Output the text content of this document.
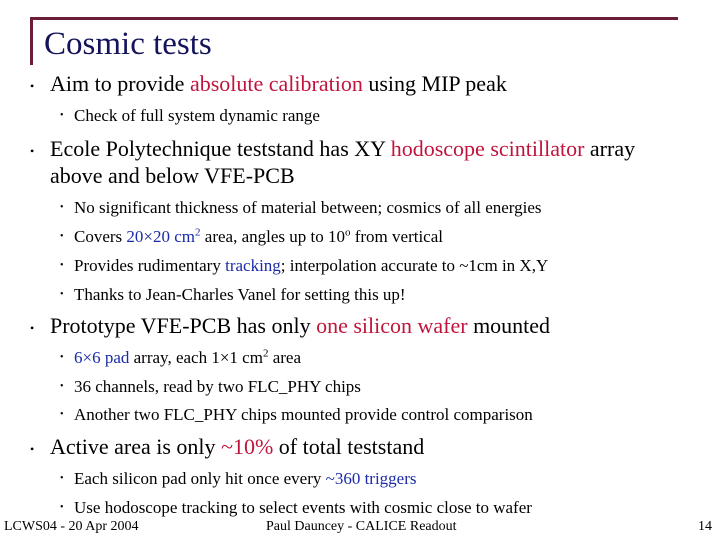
Cosmic tests
• Aim to provide absolute calibration using MIP peak
• Check of full system dynamic range
• Ecole Polytechnique teststand has XY hodoscope scintillator array
above and below VFE-PCB
• No significant thickness of material between; cosmics of all energies
• Covers 20×20 $cm^2$ area, angles up to 10$^o$ from vertical
• Provides rudimentary tracking; interpolation accurate to ~1cm in X,Y
• Thanks to Jean-Charles Vanel for setting this up!
• Prototype VFE-PCB has only one silicon wafer mounted
• 6×6 pad array, each 1×1 $cm^2$ area
• 36 channels, read by two FLC_PHY chips
• Another two FLC_PHY chips mounted provide control comparison
• Active area is only ~10% of total teststand
• Each silicon pad only hit once every ~360 triggers
• Use hodoscope tracking to select events with cosmic close to wafer
LCWS04 - 20 Apr 2004	Paul Dauncey - CALICE Readout	14
